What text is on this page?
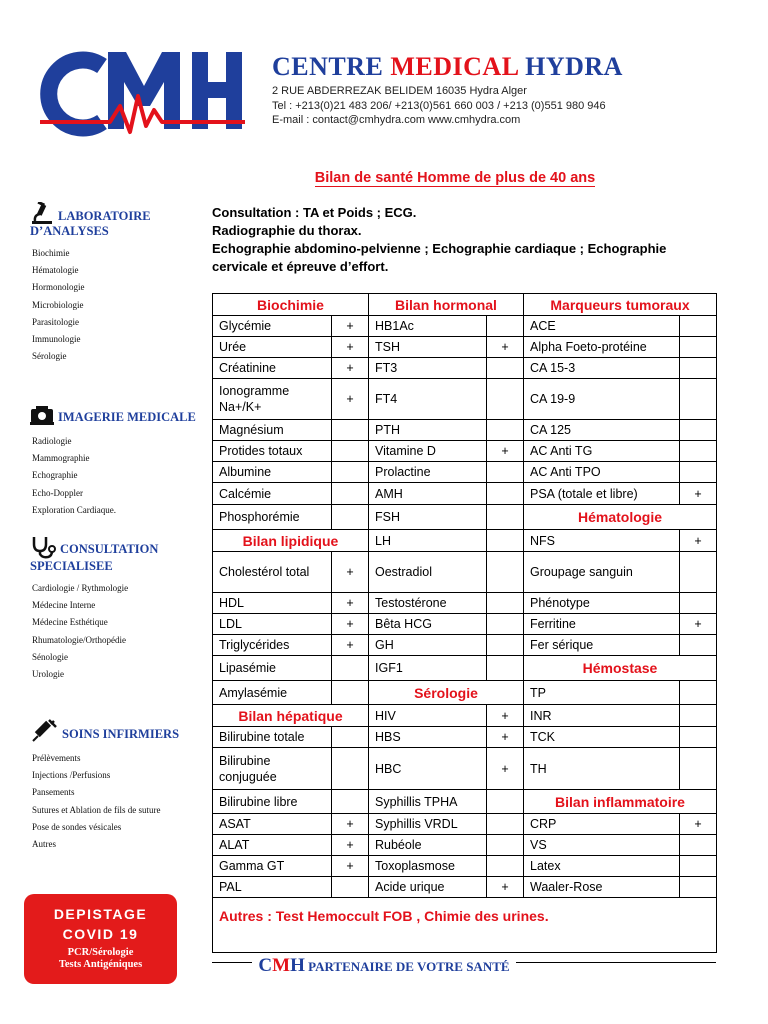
CENTRE MEDICAL HYDRA
2 RUE ABDERREZAK BELIDEM 16035 Hydra Alger
Tel : +213(0)21 483 206/ +213(0)561 660 003 / +213 (0)551 980 946
E-mail : contact@cmhydra.com www.cmhydra.com
LABORATOIRE
D’ANALYSES
Biochimie
Hématologie
Hormonologie
Microbiologie
Parasitologie
Immunologie
Sérologie
IMAGERIE MEDICALE
Radiologie
Mammographie
Echographie
Echo-Doppler
Exploration Cardiaque.
CONSULTATION
SPECIALISEE
Cardiologie / Rythmologie
Médecine Interne
Médecine Esthétique
Rhumatologie/Orthopédie
Sénologie
Urologie
SOINS INFIRMIERS
Prélèvements
Injections /Perfusions
Pansements
Sutures et Ablation de fils de suture
Pose de sondes vésicales
Autres
DEPISTAGE
COVID 19
PCR/Sérologie
Tests Antigéniques
Bilan de santé Homme de plus de 40 ans
Consultation : TA et Poids ; ECG.
Radiographie du thorax.
Echographie abdomino-pelvienne ; Echographie cardiaque ; Echographie
cervicale et épreuve d’effort.
Biochimie		Bilan hormonal		Marqueurs tumoraux	
Glycémie	+	HB1Ac		ACE	
Urée	+	TSH	+	Alpha Foeto-protéine	
Créatinine	+	FT3		CA 15-3	
Ionogramme Na+/K+	+	FT4		CA 19-9	
Magnésium		PTH		CA 125	
Protides totaux		Vitamine D	+	AC Anti TG	
Albumine		Prolactine		AC Anti TPO	
Calcémie		AMH		PSA (totale et libre)	+
Phosphorémie		FSH		Hématologie	
Bilan lipidique		LH		NFS	+
Cholestérol total	+	Oestradiol		Groupage sanguin	
HDL	+	Testostérone		Phénotype	
LDL	+	Bêta HCG		Ferritine	+
Triglycérides	+	GH		Fer sérique	
Lipasémie		IGF1		Hémostase	
Amylasémie		Sérologie		TP	
Bilan hépatique		HIV	+	INR	
Bilirubine totale		HBS	+	TCK	
Bilirubine conjuguée		HBC	+	TH	
Bilirubine libre		Syphillis TPHA		Bilan inflammatoire	
ASAT	+	Syphillis VRDL		CRP	+
ALAT	+	Rubéole		VS	
Gamma GT	+	Toxoplasmose		Latex	
PAL		Acide urique	+	Waaler-Rose	
Autres : Test Hemoccult FOB , Chimie des urines.					
CMH PARTENAIRE DE VOTRE SANTÉ
